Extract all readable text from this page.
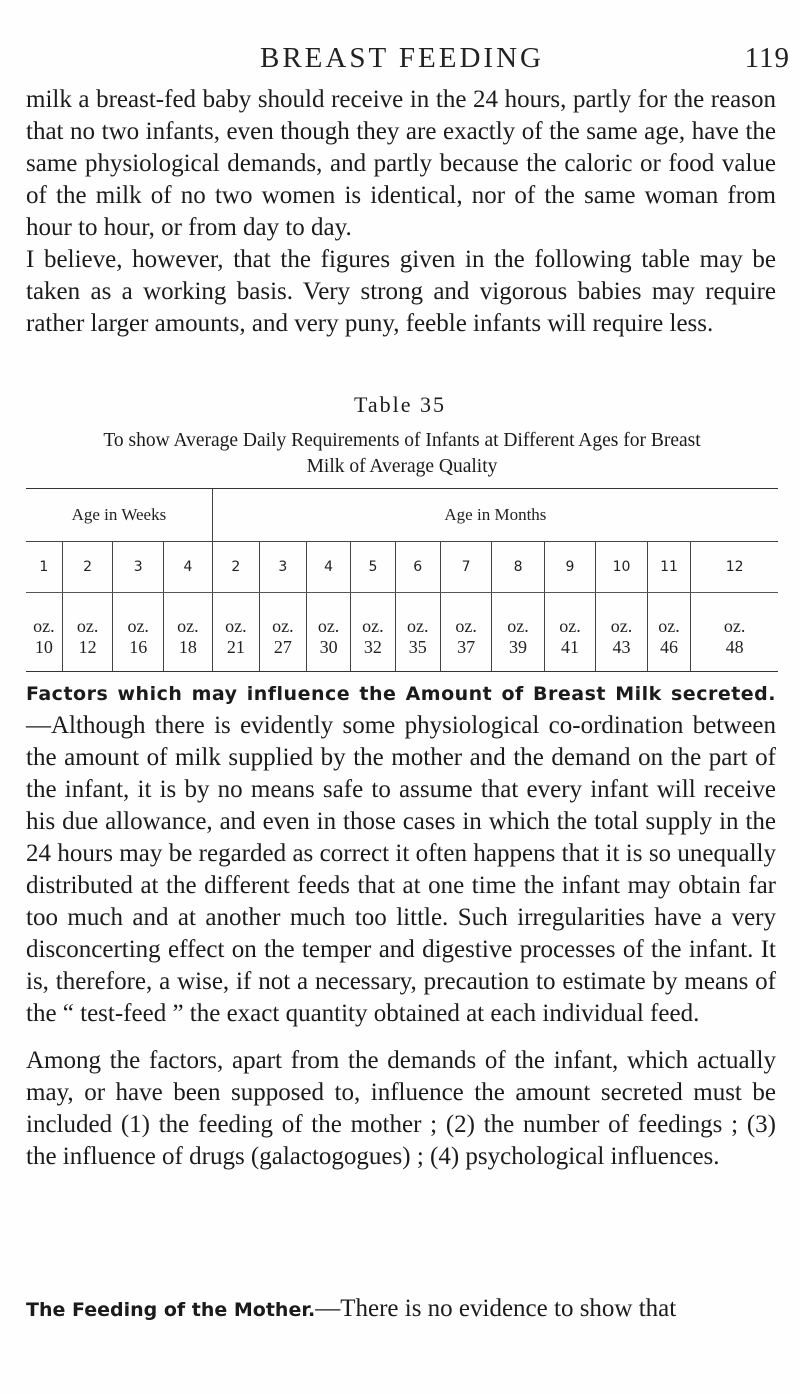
BREAST FEEDING	119

milk a breast-fed baby should receive in the 24 hours, partly for the reason that no two infants, even though they are exactly of the same age, have the same physiological demands, and partly because the caloric or food value of the milk of no two women is identical, nor of the same woman from hour to hour, or from day to day.

I believe, however, that the figures given in the following table may be taken as a working basis. Very strong and vigorous babies may require rather larger amounts, and very puny, feeble infants will require less.

Table 35
To show Average Daily Requirements of Infants at Different Ages for Breast
Milk of Average Quality
Age in Weeks				Age in Months										
1	2	3	4	2	3	4	5	6	7	8	9	10	11	12
oz.	oz.	oz.	oz.	oz.	oz.	oz.	oz.	oz.	oz.	oz.	oz.	oz.	oz.	oz.
10	12	16	18	21	27	30	32	35	37	39	41	43	46	48

Factors which may influence the Amount of Breast Milk secreted.—Although there is evidently some physiological co-ordination between the amount of milk supplied by the mother and the demand on the part of the infant, it is by no means safe to assume that every infant will receive his due allowance, and even in those cases in which the total supply in the 24 hours may be regarded as correct it often happens that it is so unequally distributed at the different feeds that at one time the infant may obtain far too much and at another much too little. Such irregularities have a very disconcerting effect on the temper and digestive processes of the infant. It is, therefore, a wise, if not a necessary, precaution to estimate by means of the “ test-feed ” the exact quantity obtained at each individual feed.

Among the factors, apart from the demands of the infant, which actually may, or have been supposed to, influence the amount secreted must be included (1) the feeding of the mother ; (2) the number of feedings ; (3) the influence of drugs (galactogogues) ; (4) psychological influences.

The Feeding of the Mother.—There is no evidence to show that
